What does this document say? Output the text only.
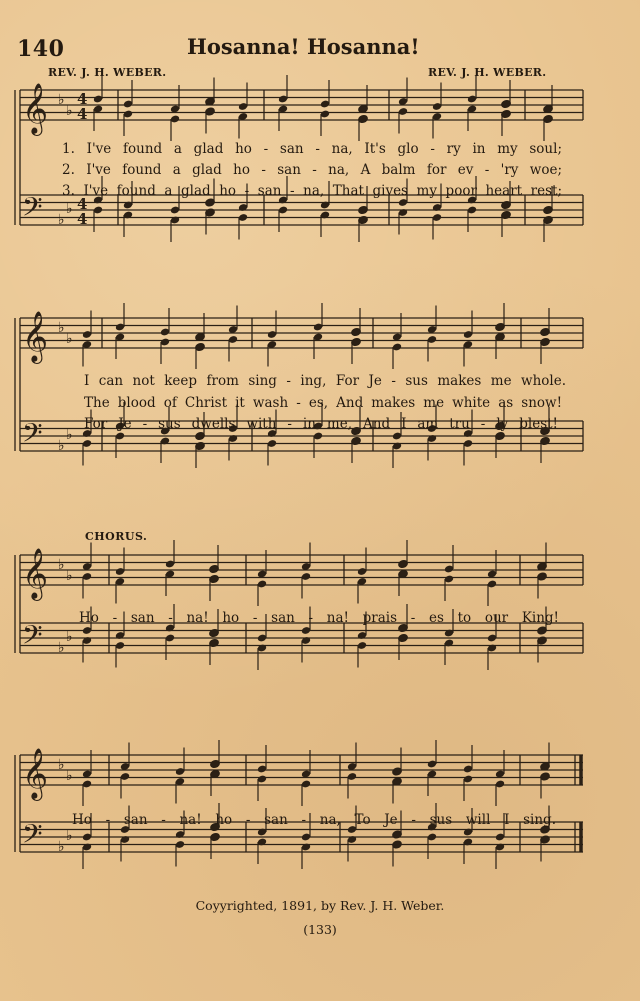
𝄞 ♭
♭
4
4
𝄢 ♭
♭ 4
4
𝄞 ♭
♭
𝄢 ♭
♭
𝄞 ♭
♭
𝄢 ♭
♭
𝄞 ♭
♭
𝄢 ♭
♭
140	Hosanna! Hosanna!
REV. J. H. WEBER.	REV. J. H. WEBER.
1. I've found a glad ho - san - na, It's glo - ry in my soul;
2. I've found a glad ho - san - na, A balm for ev - 'ry woe;
3. I've found a glad ho - san - na, That gives my poor heart rest;
I can not keep from sing - ing, For Je - sus makes me whole.
The blood of Christ it wash - es, And makes me white as snow!
For Je - sus dwells with - in me, And I am tru - ly blest!
CHORUS.
Ho - san - na! ho - san - na! prais - es to our King!
Ho - san - na! ho - san - na, To Je - sus will I sing.
Coyyrighted, 1891, by Rev. J. H. Weber.
(133)
